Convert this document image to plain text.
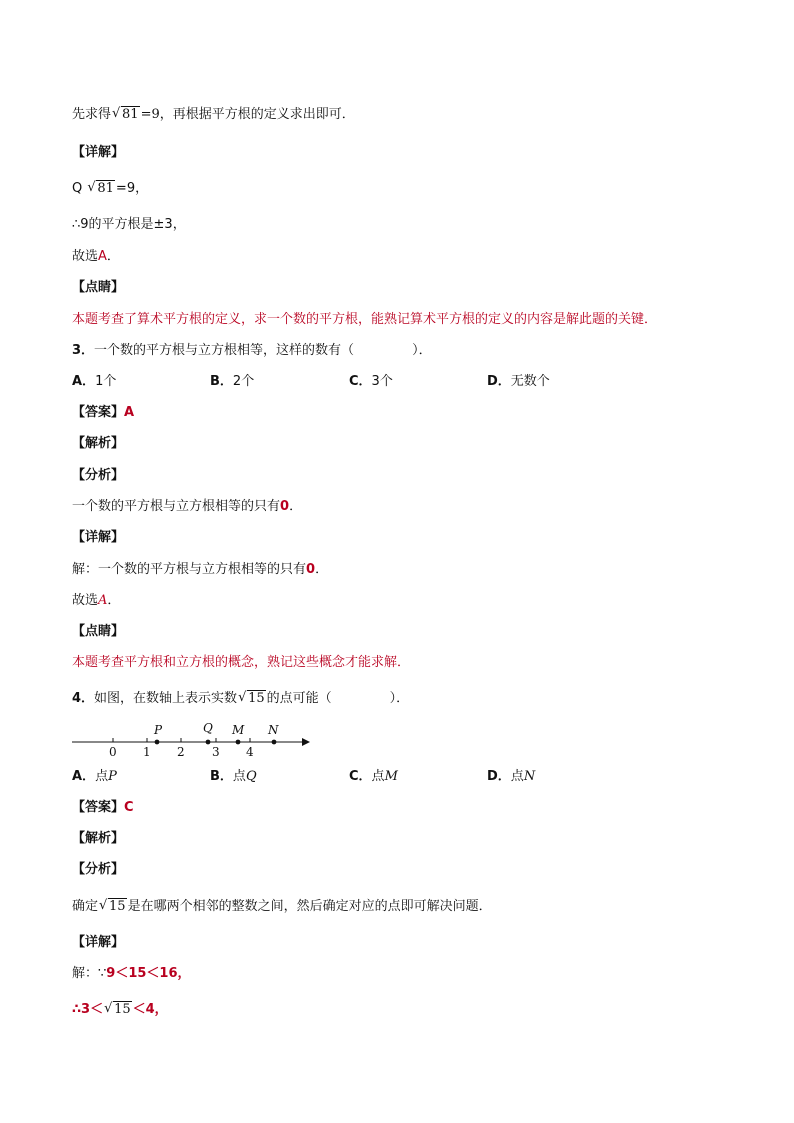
先求得 √ 81 =9，再根据平方根的定义求出即可．
【详解】
Q √ 81 =9，
∴9的平方根是±3，
故选A．
【点睛】
本题考查了算术平方根的定义，求一个数的平方根，能熟记算术平方根的定义的内容是解此题的关键．
3．一个数的平方根与立方根相等，这样的数有（	）．
A．1个	B．2个	C．3个	D．无数个
【答案】A
【解析】
【分析】
一个数的平方根与立方根相等的只有0．
【详解】
解：一个数的平方根与立方根相等的只有0．
故选A．
【点睛】
本题考查平方根和立方根的概念，熟记这些概念才能求解．
4．如图，在数轴上表示实数 √ 15 的点可能（	）．
0 1 2 3 4
P	Q M N
A．点P	B．点Q	C．点M	D．点N
【答案】C
【解析】
【分析】
确定 √ 15 是在哪两个相邻的整数之间，然后确定对应的点即可解决问题．
【详解】
解：∵9＜15＜16，
∴3＜ √ 15 ＜4，
